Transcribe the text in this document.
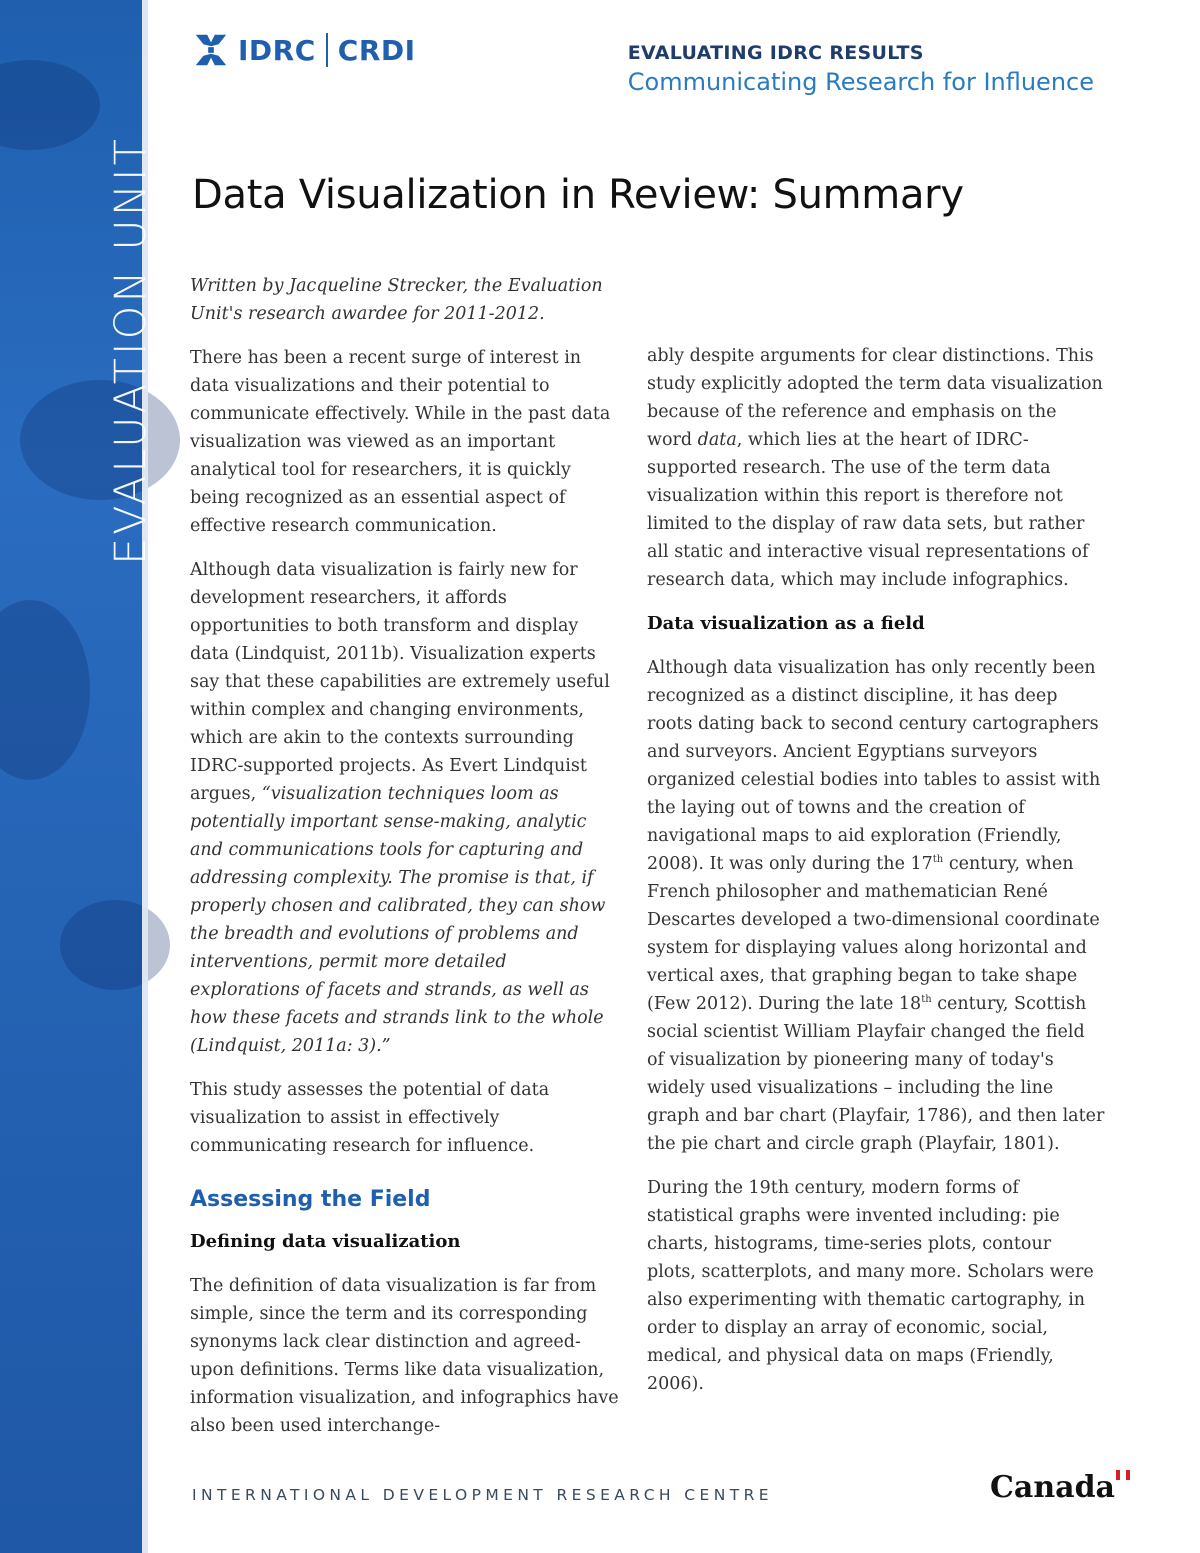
EVALUATION UNIT
IDRC CRDI	EVALUATING IDRC RESULTS
Communicating Research for Influence
Data Visualization in Review: Summary

Written by Jacqueline Strecker, the Evaluation Unit's research awardee for 2011-2012.

There has been a recent surge of interest in data visualizations and their potential to communicate effectively. While in the past data visualization was viewed as an important analytical tool for researchers, it is quickly being recognized as an essential aspect of effective research communication.

Although data visualization is fairly new for development researchers, it affords opportunities to both transform and display data (Lindquist, 2011b). Visualization experts say that these capabilities are extremely useful within complex and changing environments, which are akin to the contexts surrounding IDRC-supported projects. As Evert Lindquist argues, “visualization techniques loom as potentially important sense-making, analytic and communications tools for capturing and addressing complexity. The promise is that, if properly chosen and calibrated, they can show the breadth and evolutions of problems and interventions, permit more detailed explorations of facets and strands, as well as how these facets and strands link to the whole (Lindquist, 2011a: 3).”

This study assesses the potential of data visualization to assist in effectively communicating research for influence.

Assessing the Field
Defining data visualization

The definition of data visualization is far from simple, since the term and its corresponding synonyms lack clear distinction and agreed-upon definitions. Terms like data visualization, information visualization, and infographics have also been used interchange-

ably despite arguments for clear distinctions. This study explicitly adopted the term data visualization because of the reference and emphasis on the word data, which lies at the heart of IDRC-supported research. The use of the term data visualization within this report is therefore not limited to the display of raw data sets, but rather all static and interactive visual representations of research data, which may include infographics.

Data visualization as a field

Although data visualization has only recently been recognized as a distinct discipline, it has deep roots dating back to second century cartographers and surveyors. Ancient Egyptians surveyors organized celestial bodies into tables to assist with the laying out of towns and the creation of navigational maps to aid exploration (Friendly, 2008). It was only during the 17th century, when French philosopher and mathematician René Descartes developed a two-dimensional coordinate system for displaying values along horizontal and vertical axes, that graphing began to take shape (Few 2012). During the late 18th century, Scottish social scientist William Playfair changed the field of visualization by pioneering many of today's widely used visualizations – including the line graph and bar chart (Playfair, 1786), and then later the pie chart and circle graph (Playfair, 1801).

During the 19th century, modern forms of statistical graphs were invented including: pie charts, histograms, time-series plots, contour plots, scatterplots, and many more. Scholars were also experimenting with thematic cartography, in order to display an array of economic, social, medical, and physical data on maps (Friendly, 2006).

INTERNATIONAL DEVELOPMENT RESEARCH CENTRE	Canada
